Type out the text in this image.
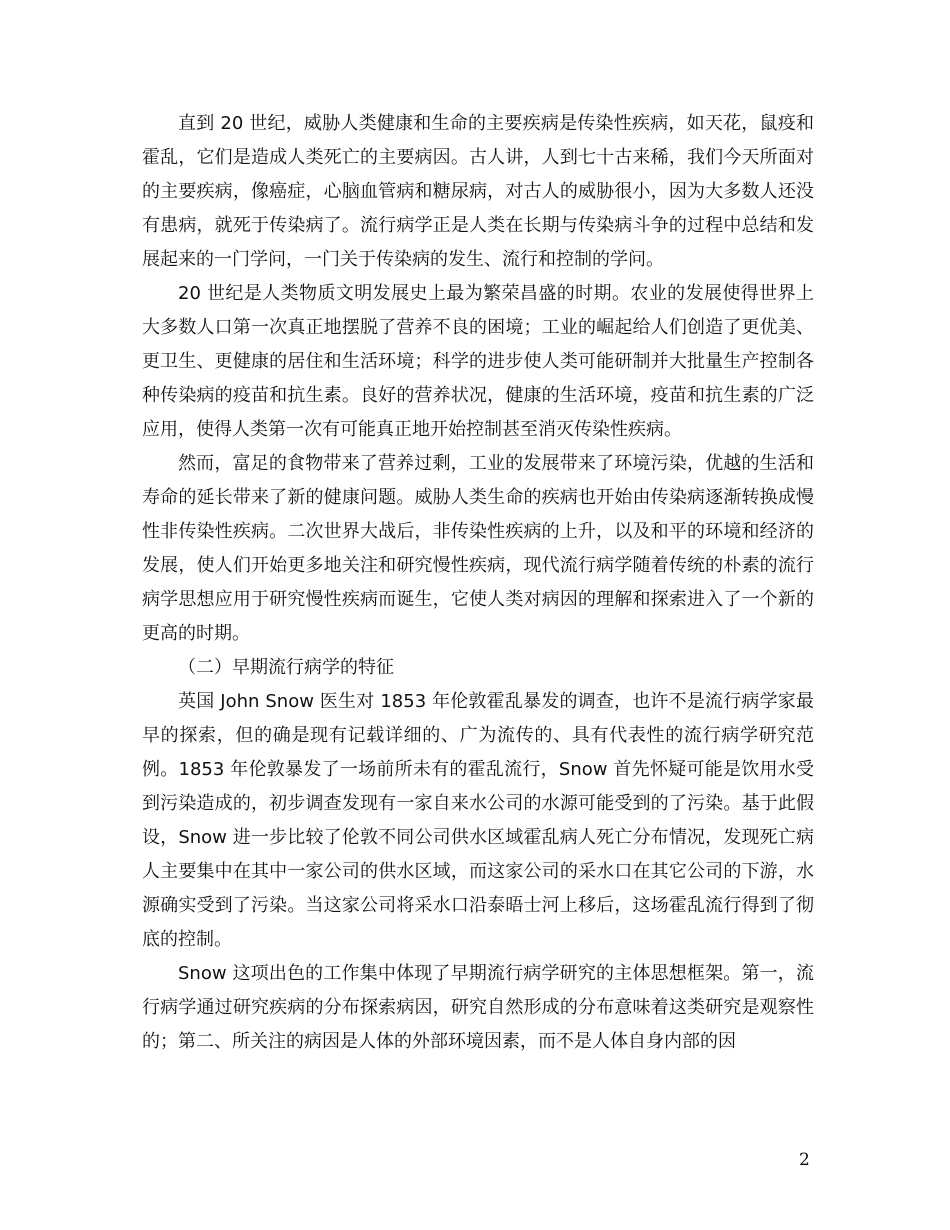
直到 20 世纪，威胁人类健康和生命的主要疾病是传染性疾病，如天花，鼠疫和霍乱，它们是造成人类死亡的主要病因。古人讲，人到七十古来稀，我们今天所面对的主要疾病，像癌症，心脑血管病和糖尿病，对古人的威胁很小，因为大多数人还没有患病，就死于传染病了。流行病学正是人类在长期与传染病斗争的过程中总结和发展起来的一门学问，一门关于传染病的发生、流行和控制的学问。

20 世纪是人类物质文明发展史上最为繁荣昌盛的时期。农业的发展使得世界上大多数人口第一次真正地摆脱了营养不良的困境；工业的崛起给人们创造了更优美、更卫生、更健康的居住和生活环境；科学的进步使人类可能研制并大批量生产控制各种传染病的疫苗和抗生素。良好的营养状况，健康的生活环境，疫苗和抗生素的广泛应用，使得人类第一次有可能真正地开始控制甚至消灭传染性疾病。

然而，富足的食物带来了营养过剩，工业的发展带来了环境污染，优越的生活和寿命的延长带来了新的健康问题。威胁人类生命的疾病也开始由传染病逐渐转换成慢性非传染性疾病。二次世界大战后，非传染性疾病的上升，以及和平的环境和经济的发展，使人们开始更多地关注和研究慢性疾病，现代流行病学随着传统的朴素的流行病学思想应用于研究慢性疾病而诞生，它使人类对病因的理解和探索进入了一个新的更高的时期。

（二）早期流行病学的特征

英国 John Snow 医生对 1853 年伦敦霍乱暴发的调查，也许不是流行病学家最早的探索，但的确是现有记载详细的、广为流传的、具有代表性的流行病学研究范例。1853 年伦敦暴发了一场前所未有的霍乱流行，Snow 首先怀疑可能是饮用水受到污染造成的，初步调查发现有一家自来水公司的水源可能受到的了污染。基于此假设，Snow 进一步比较了伦敦不同公司供水区域霍乱病人死亡分布情况，发现死亡病人主要集中在其中一家公司的供水区域，而这家公司的采水口在其它公司的下游，水源确实受到了污染。当这家公司将采水口沿泰晤士河上移后，这场霍乱流行得到了彻底的控制。

Snow 这项出色的工作集中体现了早期流行病学研究的主体思想框架。第一，流行病学通过研究疾病的分布探索病因，研究自然形成的分布意味着这类研究是观察性的；第二、所关注的病因是人体的外部环境因素，而不是人体自身内部的因

2
